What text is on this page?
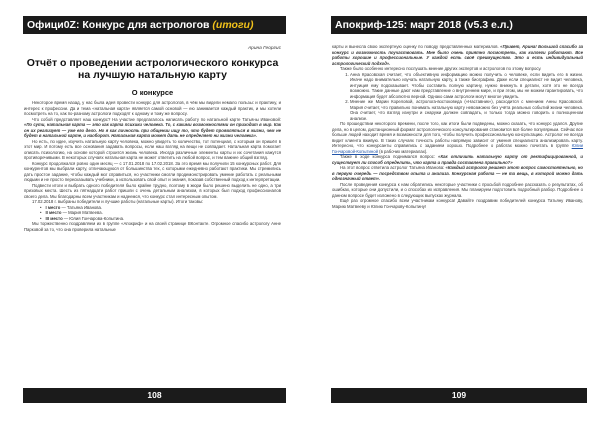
Офици0Z: Конкурс для астрологов (итоги)

Арина Георгис

Отчёт о проведении астрологического конкурса на лучшую натальную карту
О конкурсе

Некоторое время назад, у нас была идея провести конкурс для астрологов, в чём мы видели немало пользы: и практику, и интерес к профессии. Да и тема «натальная карта» является самой основой — ею занимается каждый практик, и мы хотели посмотреть на то, как по-разному астрологи подходят к одному и тому же вопросу.

Что собой представляет наш конкурс? На участие предлагалось написать работу по натальной карте Татьяны Ивановой: «По сути, натальная карта — это как карта психики человека. То, с какими возможностями он приходит в мир. Как он их реализует — уже его дело. Но я как личность при общении ищу то, что будет проявляться в жизни, чем не будет в натальной карте, и наоборот. Натальная карта может дать не определяет ни жизни человека».

Но есть, по идее, изучить натальную карту человека, можно увидеть то количество, тот потенциал, с которым он пришёл в этот мир. И потому есть все основания задавать вопросы, если наш взгляд на вещи не совпадает. Натальная карта помогает описать психологию, на основе которой строится жизнь человека. Иногда различные элементы карты и их сочетания кажутся противоречивыми. В некоторых случаях натальная карта не может ответить на любой вопрос, и тем важнее общий взгляд.

Конкурс продолжался ровно один месяц — с 17.01.2018 по 17.02.2018. За это время мы получили 15 конкурсных работ. Для конкурентов мы выбрали карту, отличающуюся от большинства тех, с которыми ежедневно работают практики. Мы стремились дать простое задание, чтобы каждый мог справиться, но участники смогли продемонстрировать умение работать с реальными людьми и не просто пересказывать учебники, а использовать свой опыт и знания, показав собственный подход к интерпретации.

Подвести итоги и выбрать одного победителя было крайне трудно, поэтому в жюри было решено выделить не одно, а три призовых места. Шесть из пятнадцати работ пришли с очень детальным анализом, в которых был подход профессионалов своего дела. Мы благодарны всем участникам и надеемся, что конкурс стал интересным опытом.

17.02.2018 г. выбраны победители и лучшие работы (натальные карты). Итоги таковы:

• I место — Татьяна Иванова.
• II место — Мария Матвеева.
• III место — Юлия Гончарова-Копытина.

Мы торжественно поздравляем их в группе «Апокриф» и на своей странице ВКонтакте. Огромное спасибо астрологу Анне Парковой за то, что она проверила натальные

108
Апокриф-125: март 2018 (v5.3 е.л.)

карты и вынесла свою экспертную оценку по поводу представленных материалов. «Привет, Арина! Большой спасибо за конкурс и возможность поучаствовать. Мне было очень приятно посмотреть, как коллеги работают. Все работы хорошие и профессиональные. У каждой есть своё преимущество. Это и есть индивидуальный астрологический подход».

Также было особенно интересно послушать мнение других экспертов и астрологов по этому вопросу.

1. Анна Красовская считает, что объективную информацию можно получить о человеке, если видеть его в жизни. Иначе надо внимательно изучать натальную карту, а также биографию. Даже если специалист не видит человека, интуиция ему подсказывает. Чтобы составить полную картину, нужно вникнуть в детали, хотя это не всегда возможно. Такие данные дают нам представление о внутреннем мире, и при этом, мы не можем гарантировать, что информация будет абсолютно верной. Однако сами астрологи могут многое увидеть.
2. Мнение же Марии Кореловой, астролога-востоковеда («Наставник»), расходится с мнением Анны Красовской. Мария считает, что правильно понимать натальную карту невозможно без учёта реальных событий жизни человека. Она считает, что взгляд изнутри и снаружи должен совпадать, и только тогда можно говорить о полноценном анализе.

По прошедствии некоторого времени, после того, как итоги были подведены, можно сказать, что конкурс удался. Другие дела, но в целом, дистанционный формат астрологического консультирования становится всё более популярным. Сейчас все больше людей находит время и возможности для того, чтобы получить профессиональную консультацию. Астролог не всегда видит клиента вживую. В таких случаях точность работы напрямую зависит от умения специалиста анализировать карту. Интересно, что конкурсанты справились с заданием хорошо. Подробнее о работах можно почитать в группе Юлии Гончаровой-Копытиной (в рабочих материалах).

Также в ходе конкурса поднимался вопрос: «Как отличить натальную карту от ректифицированной, и существует ли способ определить, что карта и правда составлена правильно?»

На этот вопрос ответила астролог Татьяна Иванова: «Каждый астролог решает этот вопрос самостоятельно, но в первую очередь — посредством опыта и анализа. Конкурсная работа — не та вещь, в которой можно дать однозначный ответ».

После проведения конкурса к нам обратились некоторые участники с просьбой подробнее рассказать о результатах, об ошибках, которые они допустили, и о способах их исправления. Мы планируем подготовить подробный разбор. Подробнее о данном вопросе будет изложено в следующих выпусках журнала.

Ещё раз огромное спасибо всем участникам конкурса! Давайте поздравим победителей конкурса Татьяну Иванову, Марию Матвееву и Юлию Гончарову-Копытину!

109
